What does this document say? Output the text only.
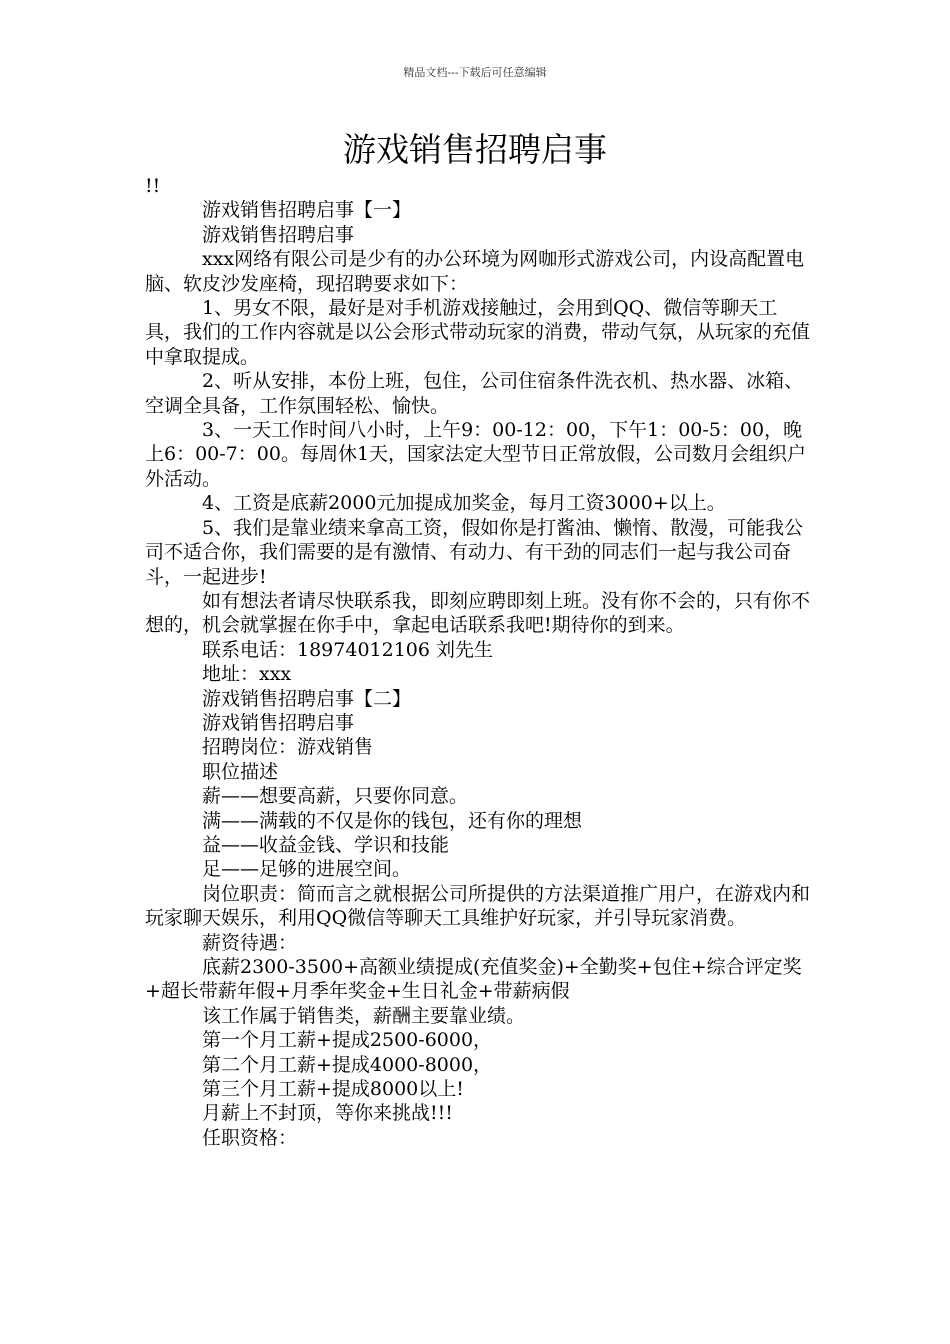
精品文档---下载后可任意编辑
游戏销售招聘启事

!!

游戏销售招聘启事【一】

游戏销售招聘启事

xxx网络有限公司是少有的办公环境为网咖形式游戏公司，内设高配置电脑、软皮沙发座椅，现招聘要求如下：

1、男女不限，最好是对手机游戏接触过，会用到QQ、微信等聊天工具，我们的工作内容就是以公会形式带动玩家的消费，带动气氛，从玩家的充值中拿取提成。

2、听从安排，本份上班，包住，公司住宿条件洗衣机、热水器、冰箱、空调全具备，工作氛围轻松、愉快。

3、一天工作时间八小时，上午9：00-12：00，下午1：00-5：00，晚上6：00-7：00。每周休1天，国家法定大型节日正常放假，公司数月会组织户外活动。

4、工资是底薪2000元加提成加奖金，每月工资3000+以上。

5、我们是靠业绩来拿高工资，假如你是打酱油、懒惰、散漫，可能我公司不适合你，我们需要的是有激情、有动力、有干劲的同志们一起与我公司奋斗，一起进步!

如有想法者请尽快联系我，即刻应聘即刻上班。没有你不会的，只有你不想的，机会就掌握在你手中，拿起电话联系我吧!期待你的到来。

联系电话：18974012106 刘先生

地址：xxx

游戏销售招聘启事【二】

游戏销售招聘启事

招聘岗位：游戏销售

职位描述

薪——想要高薪，只要你同意。

满——满载的不仅是你的钱包，还有你的理想

益——收益金钱、学识和技能

足——足够的进展空间。

岗位职责：简而言之就根据公司所提供的方法渠道推广用户，在游戏内和玩家聊天娱乐，利用QQ微信等聊天工具维护好玩家，并引导玩家消费。

薪资待遇：

底薪2300-3500+高额业绩提成(充值奖金)+全勤奖+包住+综合评定奖+超长带薪年假+月季年奖金+生日礼金+带薪病假

该工作属于销售类，薪酬主要靠业绩。

第一个月工薪+提成2500-6000，

第二个月工薪+提成4000-8000，

第三个月工薪+提成8000以上!

月薪上不封顶，等你来挑战!!!

任职资格：
